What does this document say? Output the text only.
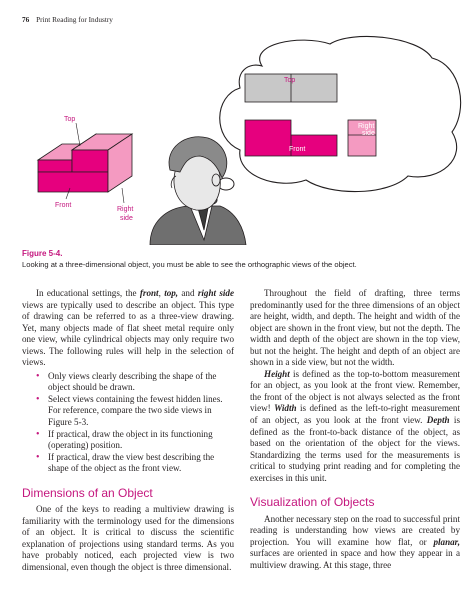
76 Print Reading for Industry
Top
Front
Right
side
Top
Front
Right
side
Figure 5-4.
Looking at a three-dimensional object, you must be able to see the orthographic views of the object.

In educational settings, the front, top, and right side views are typically used to describe an object. This type of drawing can be referred to as a three-view drawing. Yet, many objects made of flat sheet metal require only one view, while cylindrical objects may only require two views. The following rules will help in the selection of views.

• Only views clearly describing the shape of the object should be drawn.
• Select views containing the fewest hidden lines. For reference, compare the two side views in Figure 5-3.
• If practical, draw the object in its functioning (operating) position.
• If practical, draw the view best describing the shape of the object as the front view.
Dimensions of an Object

One of the keys to reading a multiview drawing is familiarity with the terminology used for the dimensions of an object. It is critical to discuss the scientific explanation of projections using standard terms. As you have probably noticed, each projected view is two dimensional, even though the object is three dimensional.

Throughout the field of drafting, three terms predominantly used for the three dimensions of an object are height, width, and depth. The height and width of the object are shown in the front view, but not the depth. The width and depth of the object are shown in the top view, but not the height. The height and depth of an object are shown in a side view, but not the width.

Height is defined as the top-to-bottom measurement for an object, as you look at the front view. Remember, the front of the object is not always selected as the front view! Width is defined as the left-to-right measurement of an object, as you look at the front view. Depth is defined as the front-to-back distance of the object, as based on the orientation of the object for the views. Standardizing the terms used for the measurements is critical to studying print reading and for completing the exercises in this unit.

Visualization of Objects

Another necessary step on the road to successful print reading is understanding how views are created by projection. You will examine how flat, or planar, surfaces are oriented in space and how they appear in a multiview drawing. At this stage, three
